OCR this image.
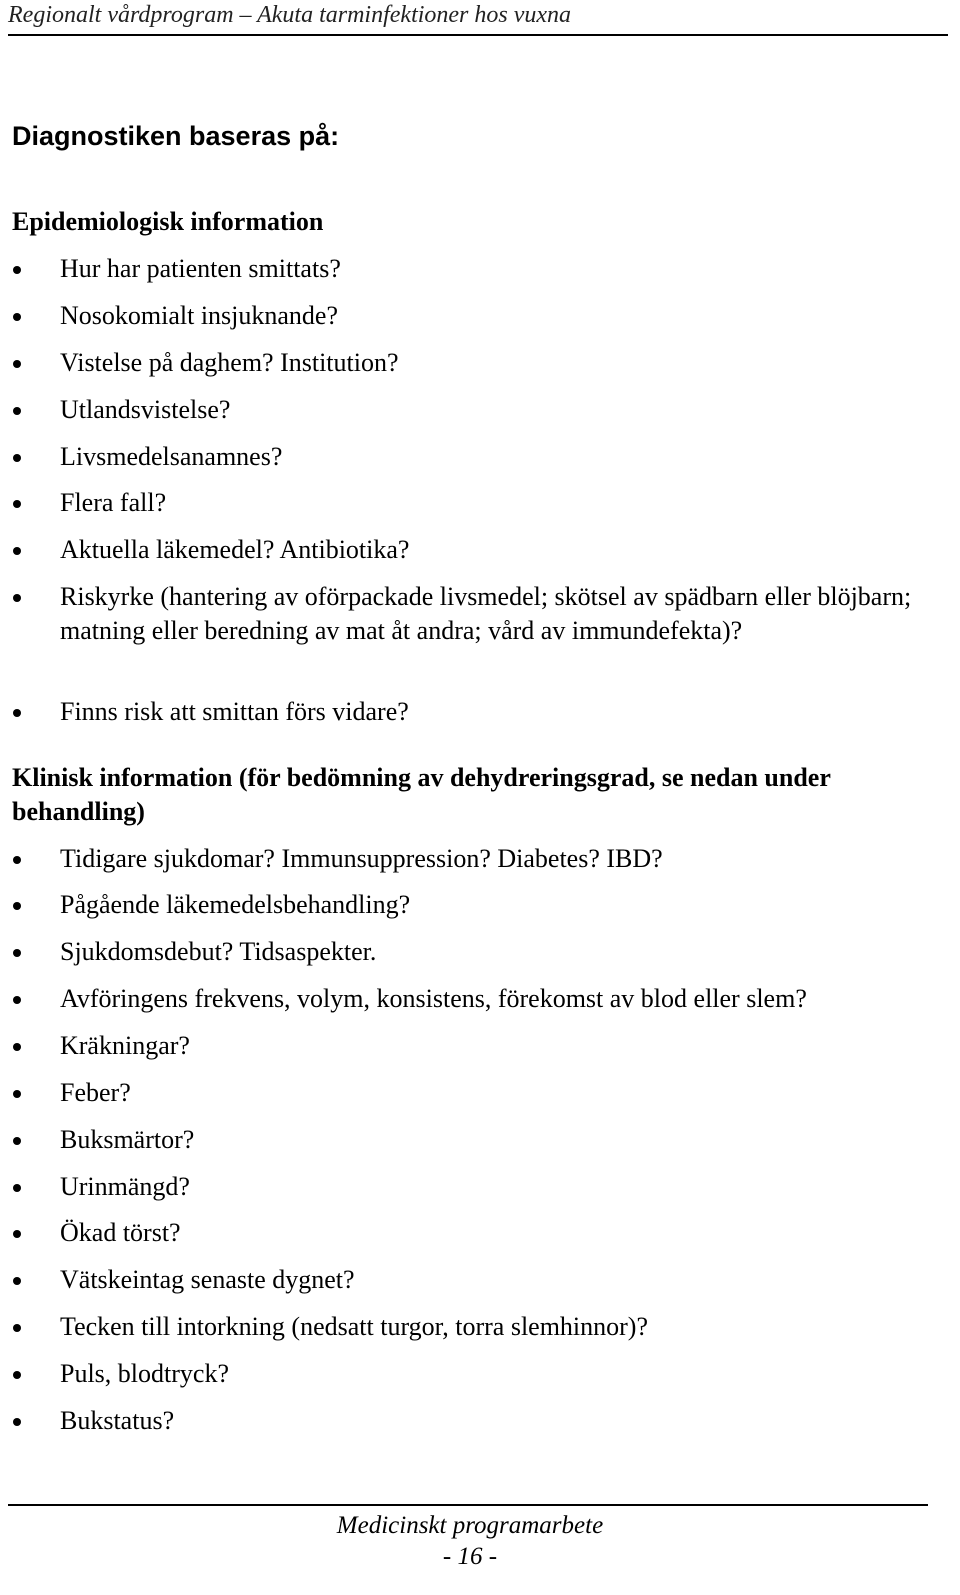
Regionalt vårdprogram – Akuta tarminfektioner hos vuxna
Diagnostiken baseras på:
Epidemiologisk information
Hur har patienten smittats?
Nosokomialt insjuknande?
Vistelse på daghem? Institution?
Utlandsvistelse?
Livsmedelsanamnes?
Flera fall?
Aktuella läkemedel? Antibiotika?
Riskyrke (hantering av oförpackade livsmedel; skötsel av spädbarn eller blöjbarn; matning eller beredning av mat åt andra; vård av immundefekta)?
Finns risk att smittan förs vidare?
Klinisk information (för bedömning av dehydreringsgrad, se nedan under behandling)
Tidigare sjukdomar? Immunsuppression? Diabetes? IBD?
Pågående läkemedelsbehandling?
Sjukdomsdebut? Tidsaspekter.
Avföringens frekvens, volym, konsistens, förekomst av blod eller slem?
Kräkningar?
Feber?
Buksmärtor?
Urinmängd?
Ökad törst?
Vätskeintag senaste dygnet?
Tecken till intorkning (nedsatt turgor, torra slemhinnor)?
Puls, blodtryck?
Bukstatus?
Medicinskt programarbete
- 16 -
